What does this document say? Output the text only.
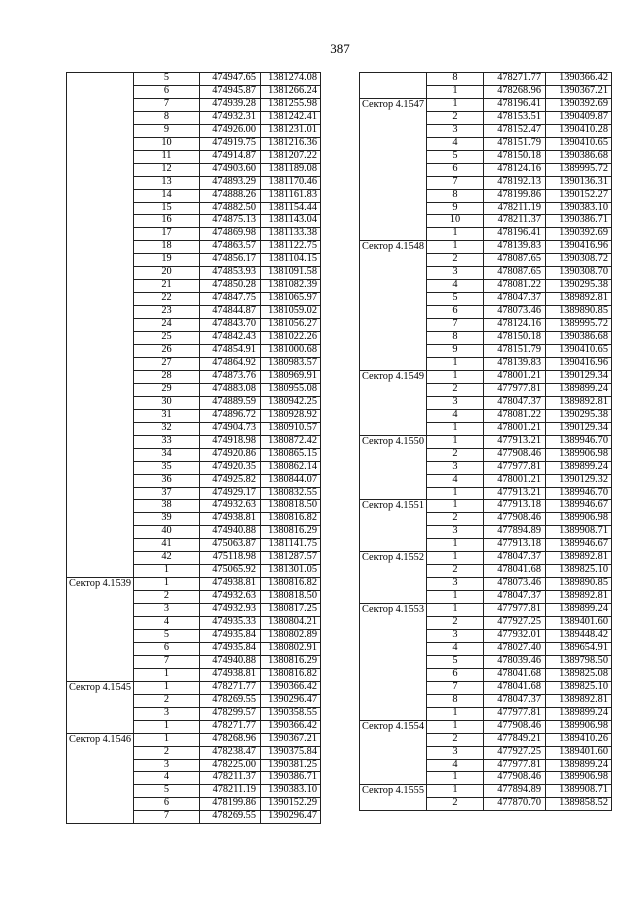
387
	5	474947.65	1381274.08
	6	474945.87	1381266.24
	7	474939.28	1381255.98
	8	474932.31	1381242.41
	9	474926.00	1381231.01
	10	474919.75	1381216.36
	11	474914.87	1381207.22
	12	474903.60	1381189.08
	13	474893.29	1381170.46
	14	474888.26	1381161.83
	15	474882.50	1381154.44
	16	474875.13	1381143.04
	17	474869.98	1381133.38
	18	474863.57	1381122.75
	19	474856.17	1381104.15
	20	474853.93	1381091.58
	21	474850.28	1381082.39
	22	474847.75	1381065.97
	23	474844.87	1381059.02
	24	474843.70	1381056.27
	25	474842.43	1381022.26
	26	474854.91	1381000.68
	27	474864.92	1380983.57
	28	474873.76	1380969.91
	29	474883.08	1380955.08
	30	474889.59	1380942.25
	31	474896.72	1380928.92
	32	474904.73	1380910.57
	33	474918.98	1380872.42
	34	474920.86	1380865.15
	35	474920.35	1380862.14
	36	474925.82	1380844.07
	37	474929.17	1380832.55
	38	474932.63	1380818.50
	39	474938.81	1380816.82
	40	474940.88	1380816.29
	41	475063.87	1381141.75
	42	475118.98	1381287.57
	1	475065.92	1381301.05
Сектор 4.1539	1	474938.81	1380816.82
	2	474932.63	1380818.50
	3	474932.93	1380817.25
	4	474935.33	1380804.21
	5	474935.84	1380802.89
	6	474935.84	1380802.91
	7	474940.88	1380816.29
	1	474938.81	1380816.82
Сектор 4.1545	1	478271.77	1390366.42
	2	478269.55	1390296.47
	3	478299.57	1390358.55
	1	478271.77	1390366.42
Сектор 4.1546	1	478268.96	1390367.21
	2	478238.47	1390375.84
	3	478225.00	1390381.25
	4	478211.37	1390386.71
	5	478211.19	1390383.10
	6	478199.86	1390152.29
	7	478269.55	1390296.47
	8	478271.77	1390366.42
	1	478268.96	1390367.21
Сектор 4.1547	1	478196.41	1390392.69
	2	478153.51	1390409.87
	3	478152.47	1390410.28
	4	478151.79	1390410.65
	5	478150.18	1390386.68
	6	478124.16	1389995.72
	7	478192.13	1390136.31
	8	478199.86	1390152.27
	9	478211.19	1390383.10
	10	478211.37	1390386.71
	1	478196.41	1390392.69
Сектор 4.1548	1	478139.83	1390416.96
	2	478087.65	1390308.72
	3	478087.65	1390308.70
	4	478081.22	1390295.38
	5	478047.37	1389892.81
	6	478073.46	1389890.85
	7	478124.16	1389995.72
	8	478150.18	1390386.68
	9	478151.79	1390410.65
	1	478139.83	1390416.96
Сектор 4.1549	1	478001.21	1390129.34
	2	477977.81	1389899.24
	3	478047.37	1389892.81
	4	478081.22	1390295.38
	1	478001.21	1390129.34
Сектор 4.1550	1	477913.21	1389946.70
	2	477908.46	1389906.98
	3	477977.81	1389899.24
	4	478001.21	1390129.32
	1	477913.21	1389946.70
Сектор 4.1551	1	477913.18	1389946.67
	2	477908.46	1389906.98
	3	477894.89	1389908.71
	1	477913.18	1389946.67
Сектор 4.1552	1	478047.37	1389892.81
	2	478041.68	1389825.10
	3	478073.46	1389890.85
	1	478047.37	1389892.81
Сектор 4.1553	1	477977.81	1389899.24
	2	477927.25	1389401.60
	3	477932.01	1389448.42
	4	478027.40	1389654.91
	5	478039.46	1389798.50
	6	478041.68	1389825.08
	7	478041.68	1389825.10
	8	478047.37	1389892.81
	1	477977.81	1389899.24
Сектор 4.1554	1	477908.46	1389906.98
	2	477849.21	1389410.26
	3	477927.25	1389401.60
	4	477977.81	1389899.24
	1	477908.46	1389906.98
Сектор 4.1555	1	477894.89	1389908.71
	2	477870.70	1389858.52
